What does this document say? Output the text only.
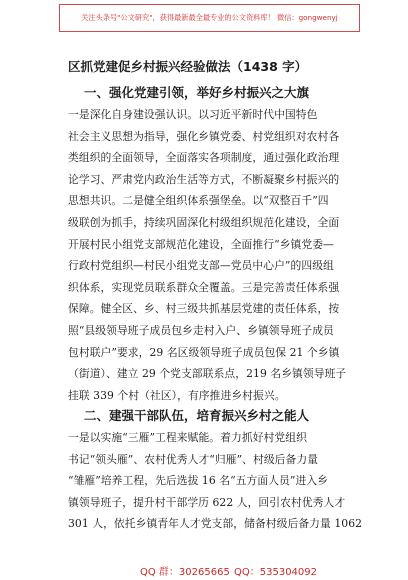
关注头条号"公文研究"，获得最新最全最专业的公文资料库！ 微信：gongwenyj
区抓党建促乡村振兴经验做法（1438 字）
一、强化党建引领，举好乡村振兴之大旗
一是深化自身建设强认识。以习近平新时代中国特色
社会主义思想为指导，强化乡镇党委、村党组织对农村各
类组织的全面领导，全面落实各项制度，通过强化政治理
论学习、严肃党内政治生活等方式，不断凝聚乡村振兴的
思想共识。二是健全组织体系强堡垒。以“双整百千”四
级联创为抓手，持续巩固深化村级组织规范化建设，全面
开展村民小组党支部规范化建设，全面推行“乡镇党委—
行政村党组织—村民小组党支部—党员中心户”的四级组
织体系，实现党员联系群众全覆盖。三是完善责任体系强
保障。健全区、乡、村三级共抓基层党建的责任体系，按
照“县级领导班子成员包乡走村入户、乡镇领导班子成员
包村联户”要求，29 名区级领导班子成员包保 21 个乡镇
（街道）、建立 29 个党支部联系点，219 名乡镇领导班子
挂联 339 个村（社区），有序推进乡村振兴。
二、建强干部队伍，培育振兴乡村之能人
一是以实施“三雁”工程来赋能。着力抓好村党组织
书记“领头雁”、农村优秀人才“归雁”、村级后备力量
“雏雁”培养工程，先后选拔 16 名“五方面人员”进入乡
镇领导班子，提升村干部学历 622 人，回引农村优秀人才
301 人，依托乡镇青年人才党支部，储备村级后备力量 1062
QQ 群：30265665 QQ：535304092
